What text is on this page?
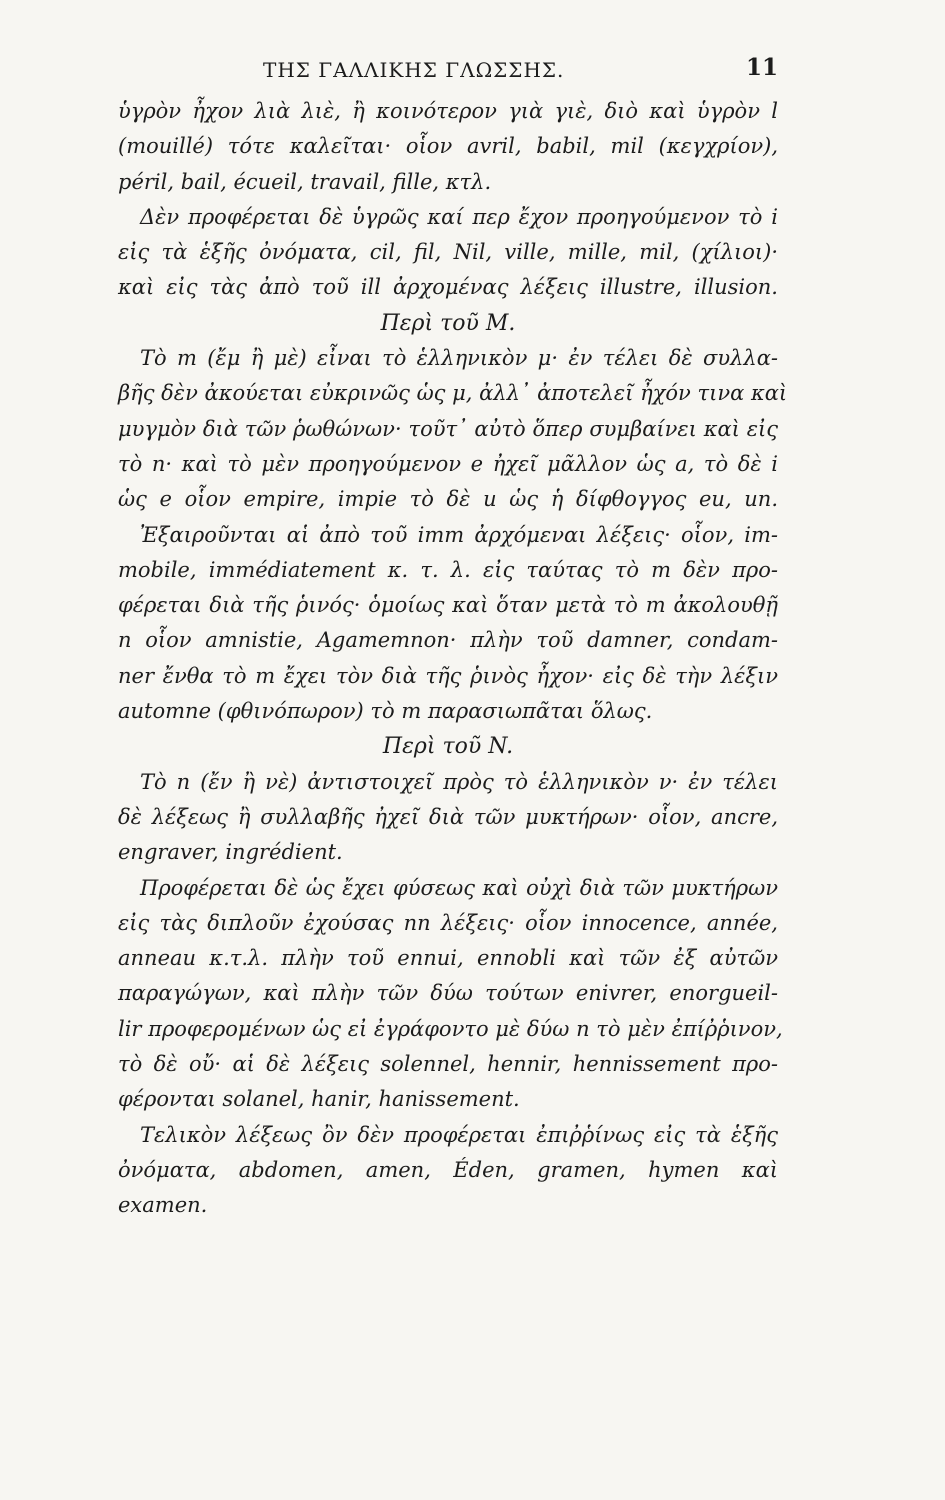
ΤΗΣ ΓΑΛΛΙΚΗΣ ΓΛΩΣΣΗΣ.	11
ὑγρὸν ἦχον λιὰ λιὲ, ἢ κοινότερον γιὰ γιὲ, διὸ καὶ ὑγρὸν l
(mouillé) τότε καλεῖται· οἷον avril, babil, mil (κεγχρίον),
péril, bail, écueil, travail, fille, κτλ.
Δὲν προφέρεται δὲ ὑγρῶς καί περ ἔχον προηγούμενον τὸ i
εἰς τὰ ἑξῆς ὀνόματα, cil, fil, Nil, ville, mille, mil, (χίλιοι)·
καὶ εἰς τὰς ἀπὸ τοῦ ill ἀρχομένας λέξεις illustre, illusion.
Περὶ τοῦ M.
Τὸ m (ἔμ ἢ μὲ) εἶναι τὸ ἑλληνικὸν μ· ἐν τέλει δὲ συλλα-
βῆς δὲν ἀκούεται εὐκρινῶς ὡς μ, ἀλλ᾽ ἀποτελεῖ ἦχόν τινα καὶ
μυγμὸν διὰ τῶν ῥωθώνων· τοῦτ᾽ αὐτὸ ὅπερ συμβαίνει καὶ εἰς
τὸ n· καὶ τὸ μὲν προηγούμενον e ἠχεῖ μᾶλλον ὡς a, τὸ δὲ i
ὡς e οἷον empire, impie τὸ δὲ u ὡς ἡ δίφθογγος eu, un.
Ἐξαιροῦνται αἱ ἀπὸ τοῦ imm ἀρχόμεναι λέξεις· οἷον, im-
mobile, immédiatement κ. τ. λ. εἰς ταύτας τὸ m δὲν προ-
φέρεται διὰ τῆς ῥινός· ὁμοίως καὶ ὅταν μετὰ τὸ m ἀκολουθῇ
n οἷον amnistie, Agamemnon· πλὴν τοῦ damner, condam-
ner ἔνθα τὸ m ἔχει τὸν διὰ τῆς ῥινὸς ἦχον· εἰς δὲ τὴν λέξιν
automne (φθινόπωρον) τὸ m παρασιωπᾶται ὅλως.
Περὶ τοῦ N.
Τὸ n (ἔν ἢ νὲ) ἀντιστοιχεῖ πρὸς τὸ ἑλληνικὸν ν· ἐν τέλει
δὲ λέξεως ἢ συλλαβῆς ἠχεῖ διὰ τῶν μυκτήρων· οἷον, ancre,
engraver, ingrédient.
Προφέρεται δὲ ὡς ἔχει φύσεως καὶ οὐχὶ διὰ τῶν μυκτήρων
εἰς τὰς διπλοῦν ἐχούσας nn λέξεις· οἷον innocence, année,
anneau κ.τ.λ. πλὴν τοῦ ennui, ennobli καὶ τῶν ἐξ αὐτῶν
παραγώγων, καὶ πλὴν τῶν δύω τούτων enivrer, enorgueil-
lir προφερομένων ὡς εἰ ἐγράφοντο μὲ δύω n τὸ μὲν ἐπίῤῥινον,
τὸ δὲ οὔ· αἱ δὲ λέξεις solennel, hennir, hennissement προ-
φέρονται solanel, hanir, hanissement.
Τελικὸν λέξεως ὂν δὲν προφέρεται ἐπιῤῥίνως εἰς τὰ ἑξῆς
ὀνόματα, abdomen, amen, Éden, gramen, hymen καὶ
examen.
